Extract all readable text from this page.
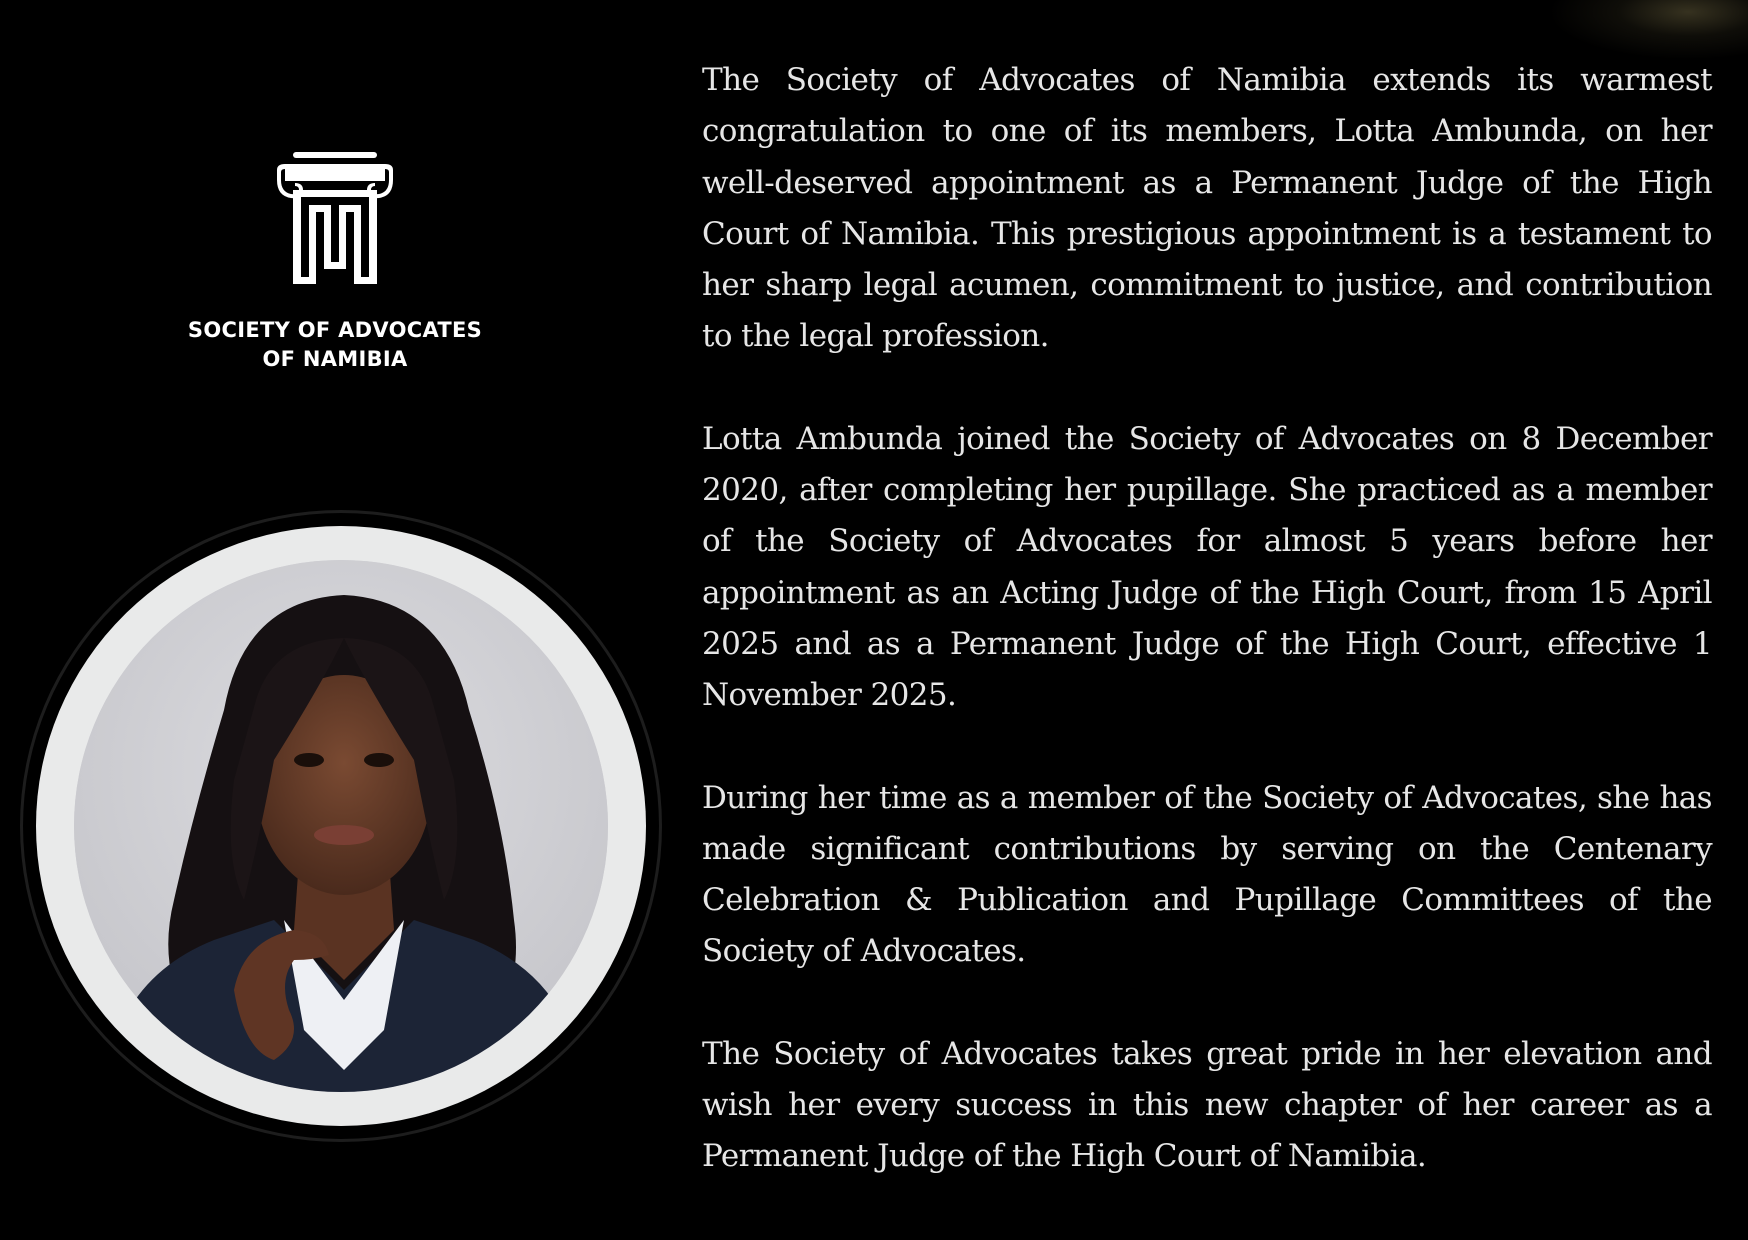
SOCIETY OF ADVOCATES
OF NAMIBIA

The Society of Advocates of Namibia extends its warmest congratulation to one of its members, Lotta Ambunda, on her well-deserved appointment as a Permanent Judge of the High Court of Namibia. This prestigious appointment is a testament to her sharp legal acumen, commitment to justice, and contribution to the legal profession.

Lotta Ambunda joined the Society of Advocates on 8 December 2020, after completing her pupillage. She practiced as a member of the Society of Advocates for almost 5 years before her appointment as an Acting Judge of the High Court, from 15 April 2025 and as a Permanent Judge of the High Court, effective 1 November 2025.

During her time as a member of the Society of Advocates, she has made significant contributions by serving on the Centenary Celebration & Publication and Pupillage Committees of the Society of Advocates.

The Society of Advocates takes great pride in her elevation and wish her every success in this new chapter of her career as a Permanent Judge of the High Court of Namibia.
